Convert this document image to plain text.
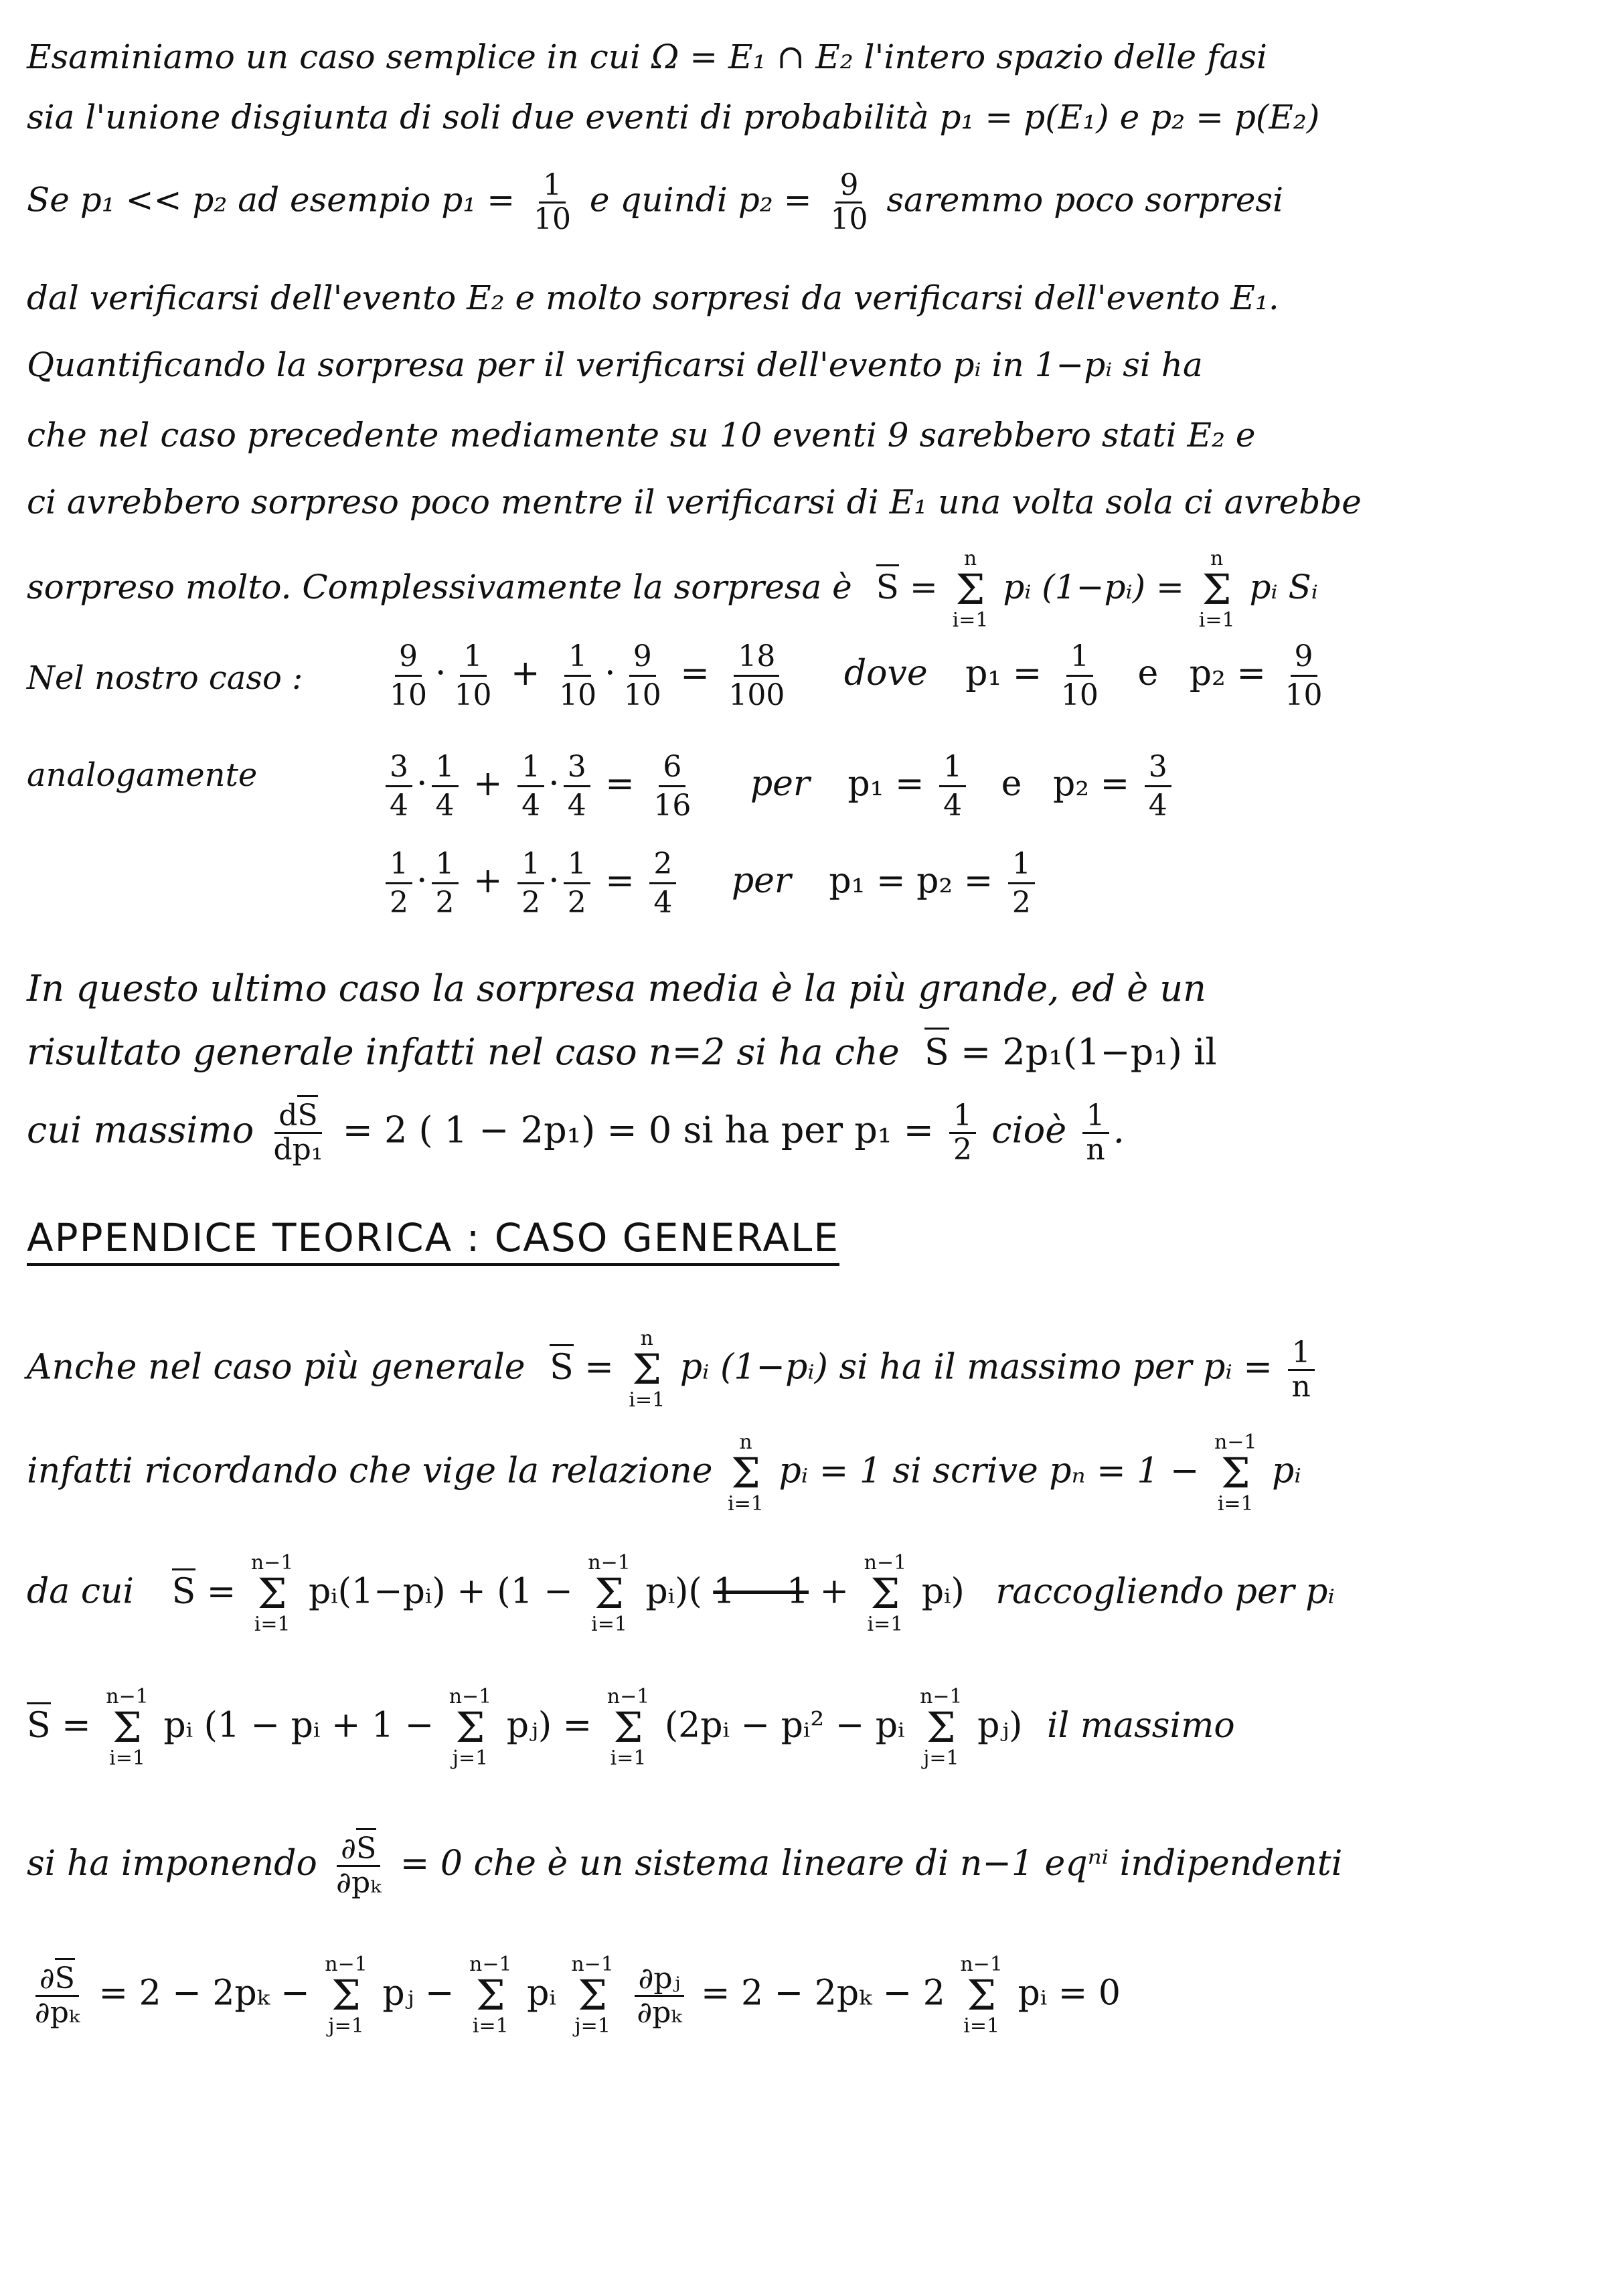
Esaminiamo un caso semplice in cui Ω = E₁ ∩ E₂ l'intero spazio delle fasi
sia l'unione disgiunta di soli due eventi di probabilità p₁ = p(E₁) e p₂ = p(E₂)
Se p₁ << p₂ ad esempio $p_1 = \frac{1}{10}$ e quindi $p_2 = \frac{9}{10}$ saremmo poco sorpresi
dal verificarsi dell'evento E₂ e molto sorpresi da verificarsi dell'evento E₁.
Quantificando la sorpresa per il verificarsi dell'evento pᵢ in 1−pᵢ si ha
che nel caso precedente mediamente su 10 eventi 9 sarebbero stati E₂ e
ci avrebbero sorpreso poco mentre il verificarsi di E₁ una volta sola ci avrebbe
sorpreso molto. Complessivamente la sorpresa è S =
n
Σ
i=1
pᵢ (1−pᵢ) =
n
Σ
i=1
pᵢ Sᵢ
Nel nostro caso :	$\frac{9}{10} \cdot \frac{1}{10} + \frac{1}{10} \cdot \frac{9}{10} = \frac{18}{100}$ dove $p_1 = \frac{1}{10}$ e $p_2 = \frac{9}{10}$
analogamente	$\frac{3}{4} \cdot \frac{1}{4} + \frac{1}{4} \cdot \frac{3}{4} = \frac{6}{16}$ per $p_1 = \frac{1}{4}$ e $p_2 = \frac{3}{4}$
$\frac{1}{2} \cdot \frac{1}{2} + \frac{1}{2} \cdot \frac{1}{2} = \frac{2}{4}$ per $p_1 = p_2 = \frac{1}{2}$
In questo ultimo caso la sorpresa media è la più grande, ed è un
risultato generale infatti nel caso n=2 si ha che S = 2p₁(1−p₁) il
cui massimo $\frac{dS}{\text{dp₁}} = 2$ ( 1 − 2p₁) = 0 si ha per $p_1 = \frac{1}{2}$ cioè $\frac{1}{n}$ .
APPENDICE TEORICA : CASO GENERALE
Anche nel caso più generale S =
n
Σ
i=1
pᵢ (1−pᵢ) si ha il massimo per pᵢ = $\frac{1}{n}$
infatti ricordando che vige la relazione
n
Σ
i=1
pᵢ = 1 si scrive pₙ = 1 −
n−1
Σ
i=1
pᵢ
da cui S =
n−1
Σ
i=1
pᵢ(1−pᵢ) + (1 −
n−1
Σ
i=1
pᵢ)( 1 − 1 +
n−1
Σ
i=1
pᵢ) raccogliendo per pᵢ
S =
n−1
Σ
i=1
pᵢ (1 − pᵢ + 1 −
n−1
Σ
j=1
pⱼ) =
n−1
Σ
i=1
(2pᵢ − pᵢ² − pᵢ
n−1
Σ
j=1
pⱼ) il massimo
si ha imponendo $\frac{\partial S}{\text{∂pₖ}} = 0$ che è un sistema lineare di n−1 eqⁿⁱ indipendenti
$\frac{\partial S}{\text{∂pₖ}} = 2 - 2p_k$ −
n−1
Σ
j=1
pⱼ −
n−1
Σ
i=1
pᵢ
n−1
Σ
j=1
$\frac{\text{∂pⱼ}}{\text{∂pₖ}} = 2 - 2p_k - 2$
n−1
Σ
i=1
pᵢ = 0
